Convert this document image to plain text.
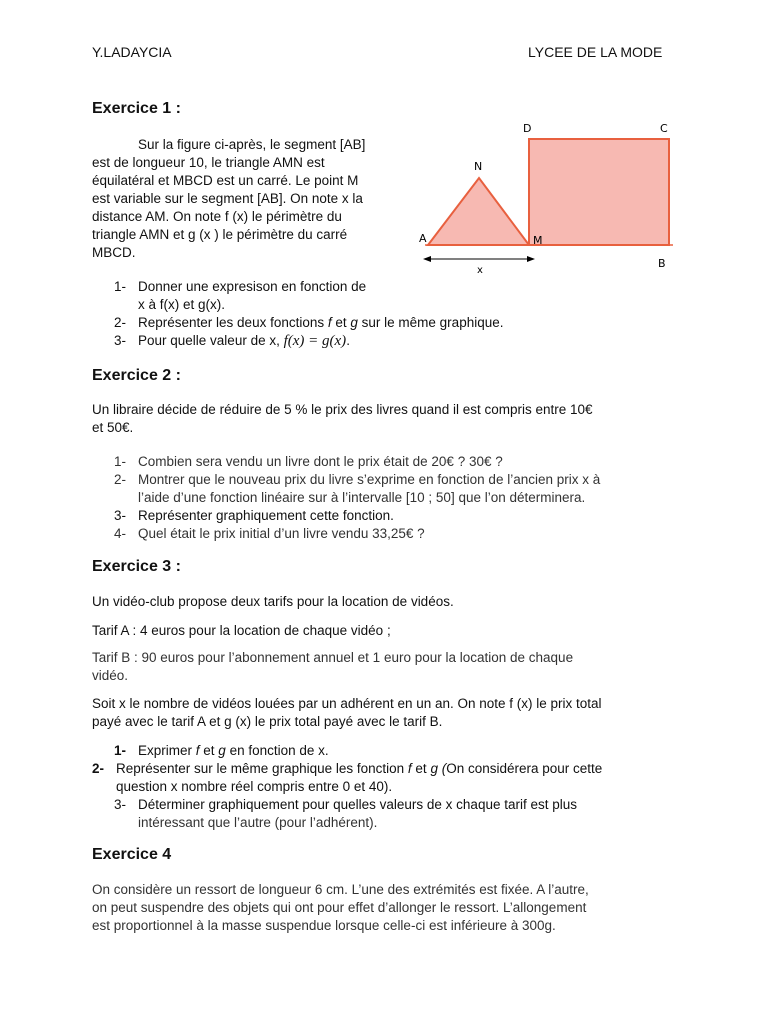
Y.LADAYCIA	LYCEE DE LA MODE
Exercice 1 :
Sur la figure ci-après, le segment [AB]
est de longueur 10, le triangle AMN est
équilatéral et MBCD est un carré. Le point M
est variable sur le segment [AB]. On note x la
distance AM. On note f (x) le périmètre du
triangle AMN et g (x ) le périmètre du carré
MBCD.
A
B
C
D
M
N
x
1- Donner une expresison en fonction de
x à f(x) et g(x).
2- Représenter les deux fonctions f et g sur le même graphique.
3- Pour quelle valeur de x, f(x) = g(x).
Exercice 2 :
Un libraire décide de réduire de 5 % le prix des livres quand il est compris entre 10€
et 50€.
1- Combien sera vendu un livre dont le prix était de 20€ ? 30€ ?
2- Montrer que le nouveau prix du livre s’exprime en fonction de l’ancien prix x à
l’aide d’une fonction linéaire sur à l’intervalle [10 ; 50] que l’on déterminera.
3- Représenter graphiquement cette fonction.
4- Quel était le prix initial d’un livre vendu 33,25€ ?
Exercice 3 :
Un vidéo-club propose deux tarifs pour la location de vidéos.
Tarif A : 4 euros pour la location de chaque vidéo ;
Tarif B : 90 euros pour l’abonnement annuel et 1 euro pour la location de chaque
vidéo.
Soit x le nombre de vidéos louées par un adhérent en un an. On note f (x) le prix total
payé avec le tarif A et g (x) le prix total payé avec le tarif B.
1- Exprimer f et g en fonction de x.
2- Représenter sur le même graphique les fonction f et g (On considérera pour cette
question x nombre réel compris entre 0 et 40).
3- Déterminer graphiquement pour quelles valeurs de x chaque tarif est plus
intéressant que l’autre (pour l’adhérent).
Exercice 4
On considère un ressort de longueur 6 cm. L’une des extrémités est fixée. A l’autre,
on peut suspendre des objets qui ont pour effet d’allonger le ressort. L’allongement
est proportionnel à la masse suspendue lorsque celle-ci est inférieure à 300g.
